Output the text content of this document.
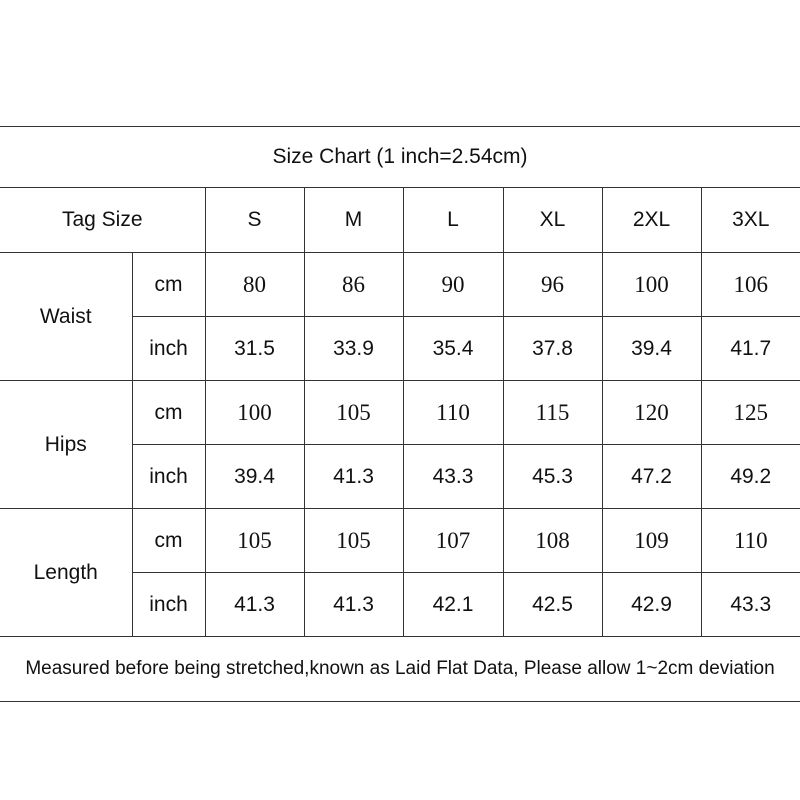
Size Chart (1 inch=2.54cm)							
Tag Size		S	M	L	XL	2XL	3XL
Waist	cm	80	86	90	96	100	106
	inch	31.5	33.9	35.4	37.8	39.4	41.7
Hips	cm	100	105	110	115	120	125
	inch	39.4	41.3	43.3	45.3	47.2	49.2
Length	cm	105	105	107	108	109	110
	inch	41.3	41.3	42.1	42.5	42.9	43.3
Measured before being stretched,known as Laid Flat Data, Please allow 1~2cm deviation							
